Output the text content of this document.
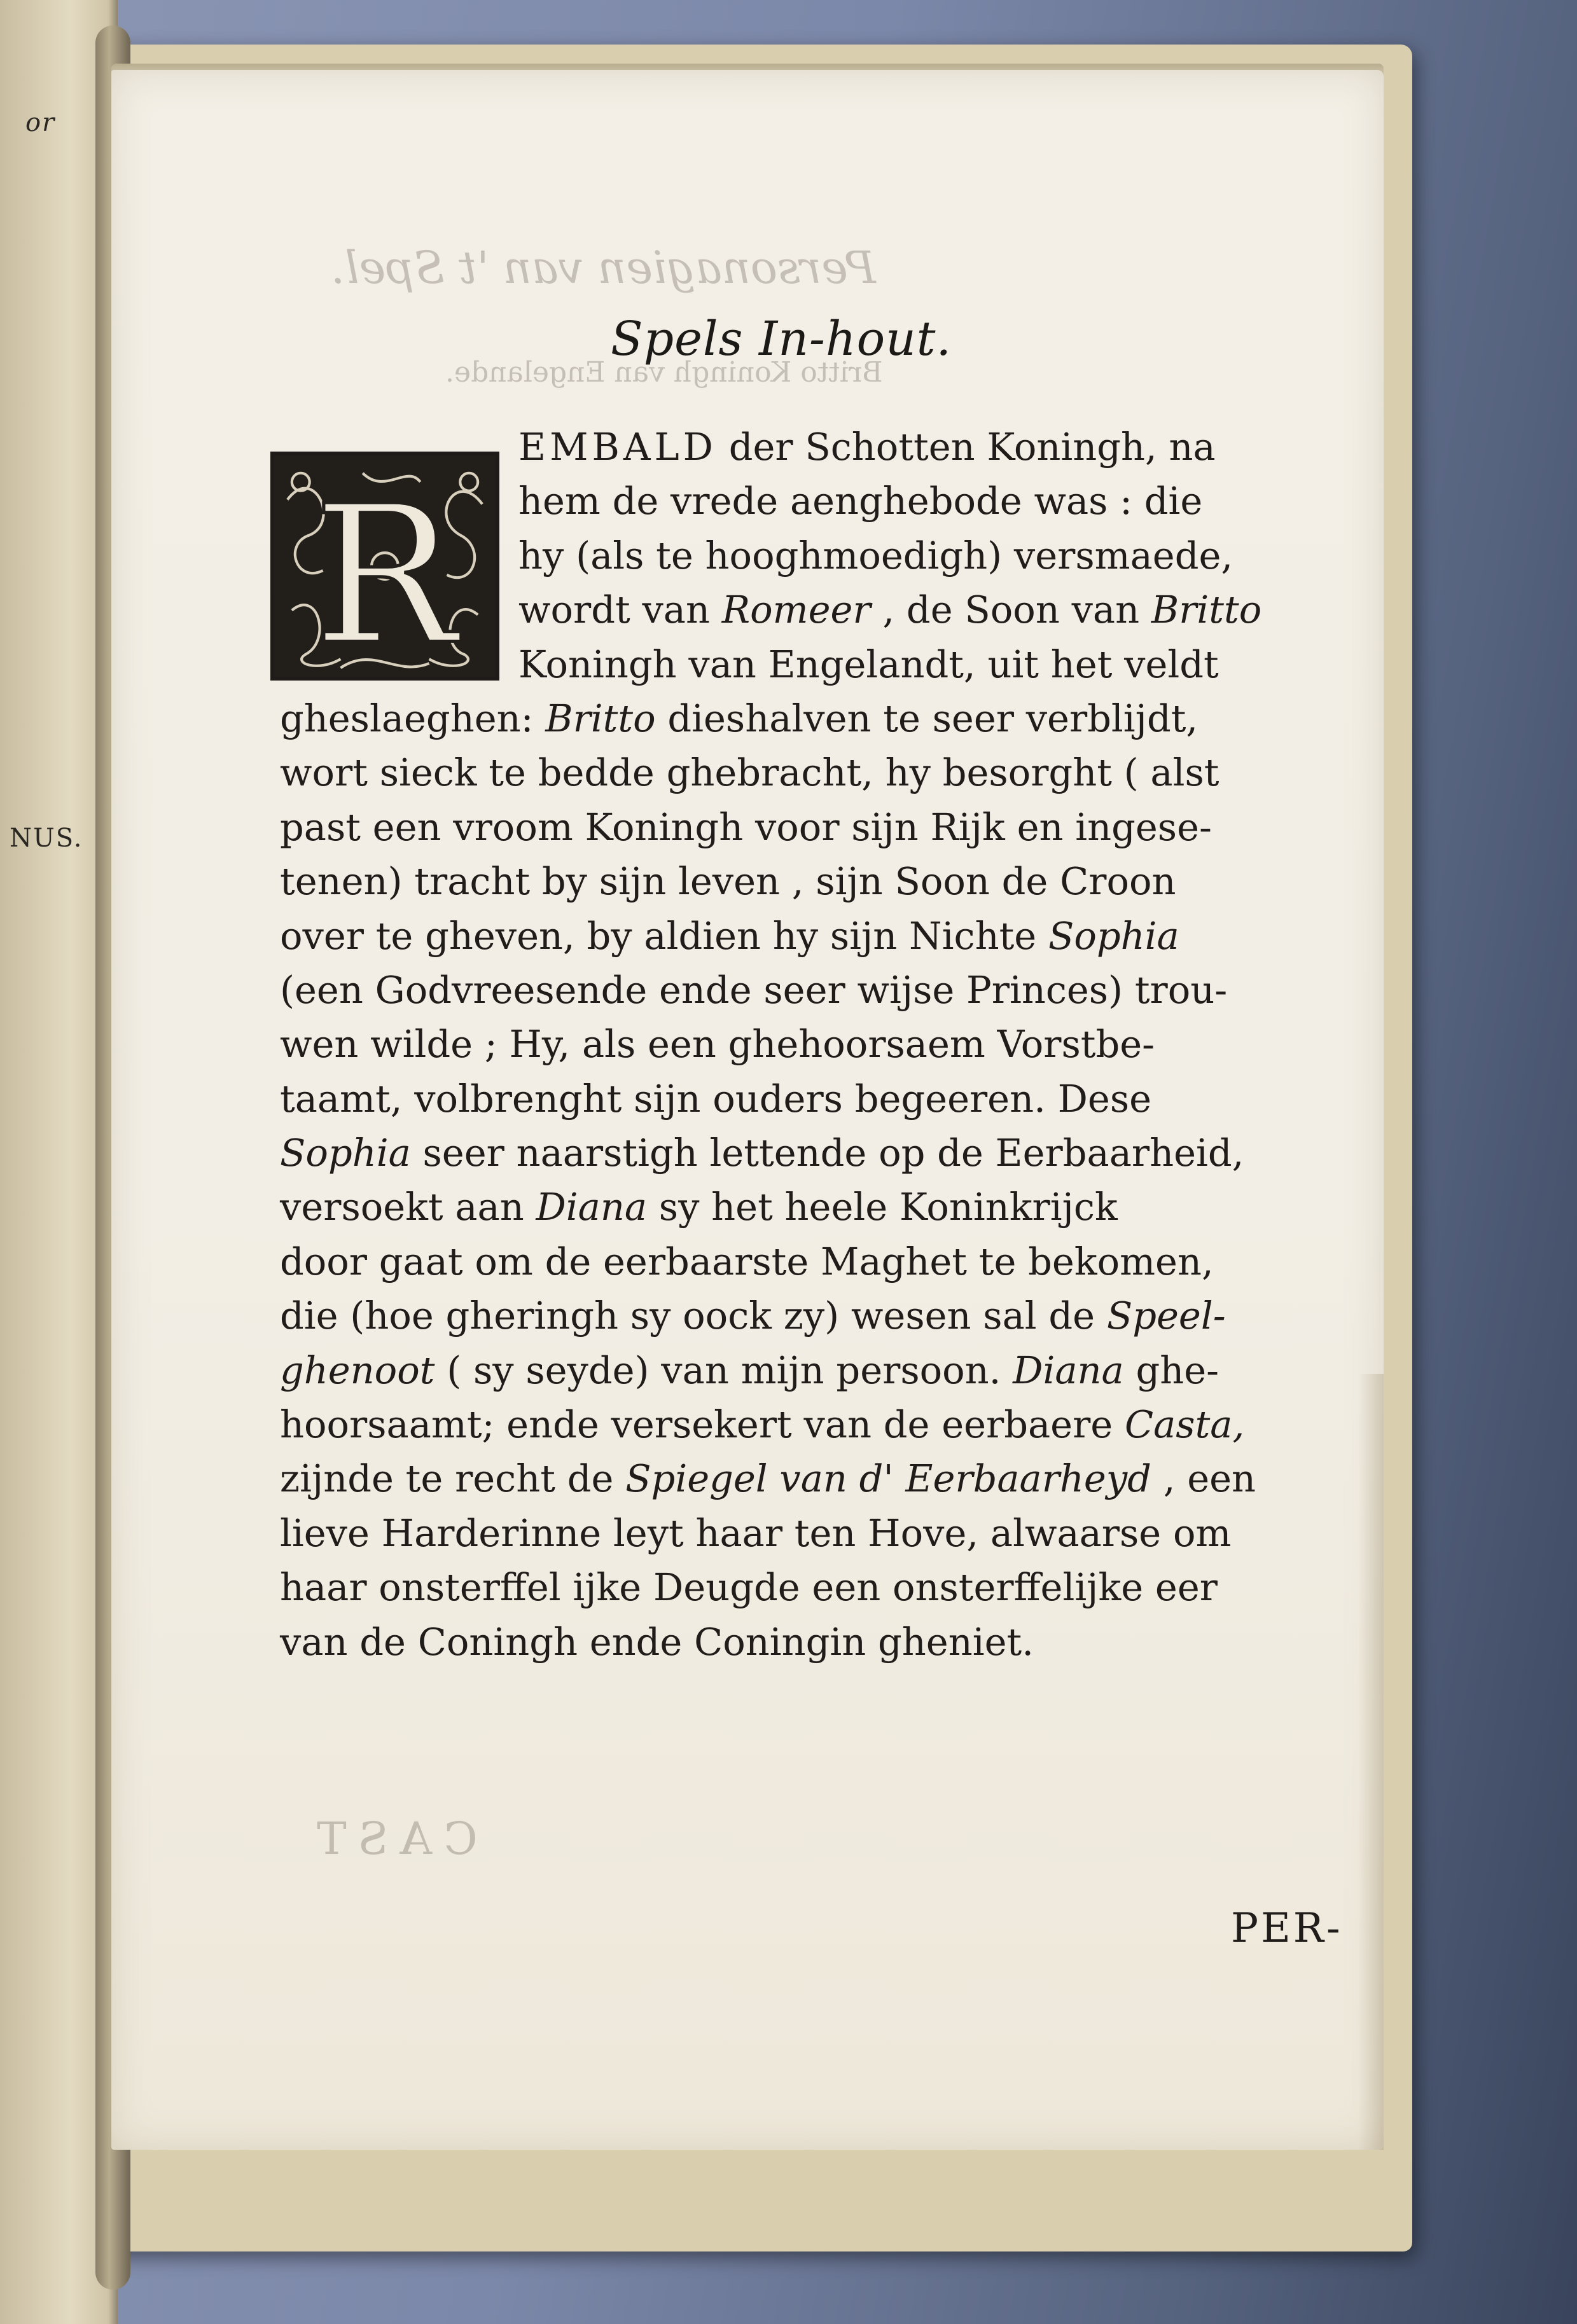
or
NUS.
Personagien van 't Spel.
Britto Koningh van Engelande.
CAST
Spels In-hout.
R
EMBALD der Schotten Koningh, na
hem de vrede aenghebode was : die
hy (als te hooghmoedigh) versmaede,
wordt van Romeer , de Soon van Britto
Koningh van Engelandt, uit het veldt
gheslaeghen: Britto dieshalven te seer verblijdt,
wort sieck te bedde ghebracht, hy besorght ( alst
past een vroom Koningh voor sijn Rijk en ingese-
tenen) tracht by sijn leven , sijn Soon de Croon
over te gheven, by aldien hy sijn Nichte Sophia
(een Godvreesende ende seer wijse Princes) trou-
wen wilde ; Hy, als een ghehoorsaem Vorstbe-
taamt, volbrenght sijn ouders begeeren. Dese
Sophia seer naarstigh lettende op de Eerbaarheid,
versoekt aan Diana sy het heele Koninkrijck
door gaat om de eerbaarste Maghet te bekomen,
die (hoe gheringh sy oock zy) wesen sal de Speel-
ghenoot ( sy seyde) van mijn persoon. Diana ghe-
hoorsaamt; ende versekert van de eerbaere Casta,
zijnde te recht de Spiegel van d' Eerbaarheyd , een
lieve Harderinne leyt haar ten Hove, alwaarse om
haar onsterffel ijke Deugde een onsterffelijke eer
van de Coningh ende Coningin gheniet.
PER-
